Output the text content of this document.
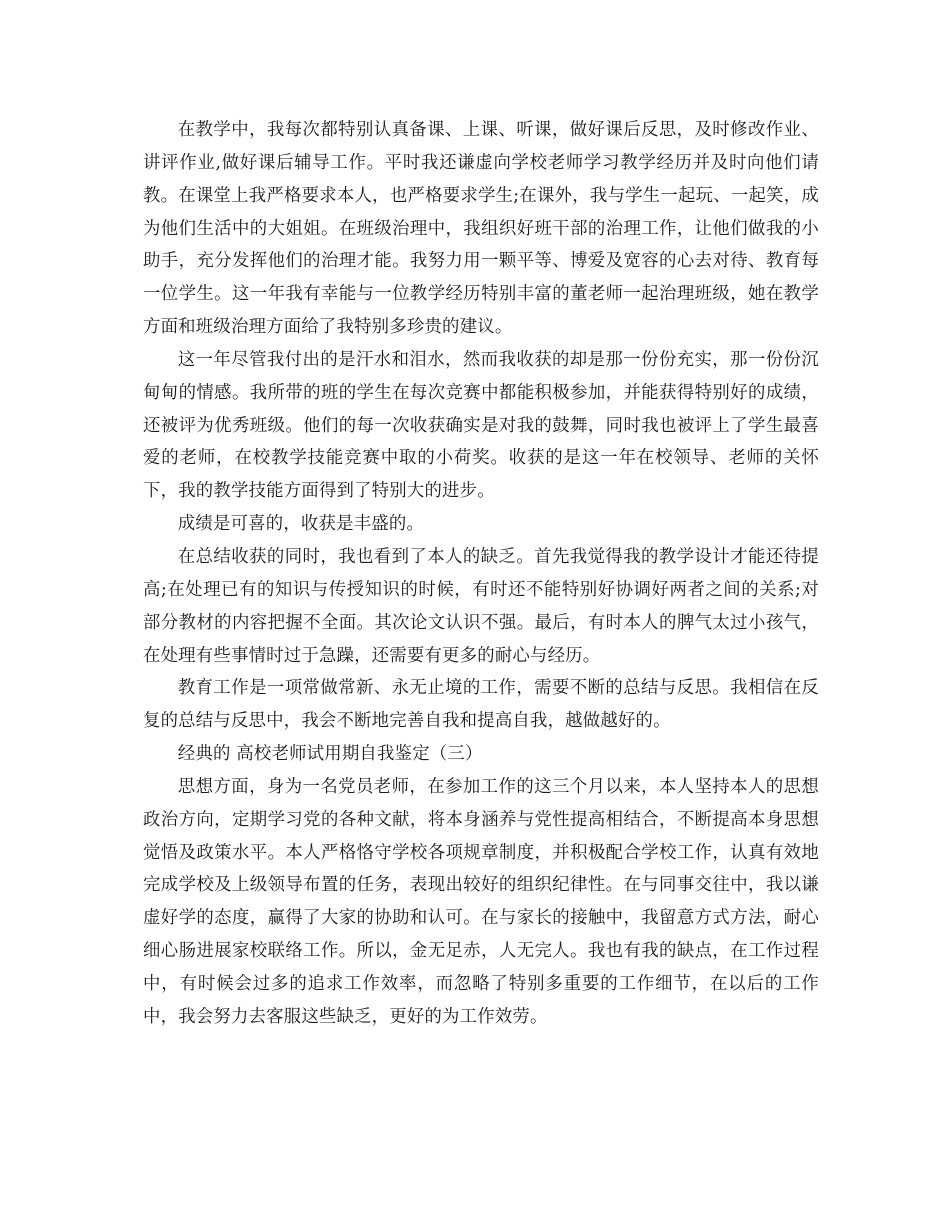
在教学中，我每次都特别认真备课、上课、听课，做好课后反思，及时修改作业、讲评作业,做好课后辅导工作。平时我还谦虚向学校老师学习教学经历并及时向他们请教。在课堂上我严格要求本人，也严格要求学生;在课外，我与学生一起玩、一起笑，成为他们生活中的大姐姐。在班级治理中，我组织好班干部的治理工作，让他们做我的小助手，充分发挥他们的治理才能。我努力用一颗平等、博爱及宽容的心去对待、教育每一位学生。这一年我有幸能与一位教学经历特别丰富的董老师一起治理班级，她在教学方面和班级治理方面给了我特别多珍贵的建议。

这一年尽管我付出的是汗水和泪水，然而我收获的却是那一份份充实，那一份份沉甸甸的情感。我所带的班的学生在每次竞赛中都能积极参加，并能获得特别好的成绩，还被评为优秀班级。他们的每一次收获确实是对我的鼓舞，同时我也被评上了学生最喜爱的老师，在校教学技能竞赛中取的小荷奖。收获的是这一年在校领导、老师的关怀下，我的教学技能方面得到了特别大的进步。

成绩是可喜的，收获是丰盛的。

在总结收获的同时，我也看到了本人的缺乏。首先我觉得我的教学设计才能还待提高;在处理已有的知识与传授知识的时候，有时还不能特别好协调好两者之间的关系;对部分教材的内容把握不全面。其次论文认识不强。最后，有时本人的脾气太过小孩气，在处理有些事情时过于急躁，还需要有更多的耐心与经历。

教育工作是一项常做常新、永无止境的工作，需要不断的总结与反思。我相信在反复的总结与反思中，我会不断地完善自我和提高自我，越做越好的。

经典的 高校老师试用期自我鉴定（三）

思想方面，身为一名党员老师，在参加工作的这三个月以来，本人坚持本人的思想政治方向，定期学习党的各种文献，将本身涵养与党性提高相结合，不断提高本身思想觉悟及政策水平。本人严格恪守学校各项规章制度，并积极配合学校工作，认真有效地完成学校及上级领导布置的任务，表现出较好的组织纪律性。在与同事交往中，我以谦虚好学的态度，赢得了大家的协助和认可。在与家长的接触中，我留意方式方法，耐心细心肠进展家校联络工作。所以，金无足赤，人无完人。我也有我的缺点，在工作过程中，有时候会过多的追求工作效率，而忽略了特别多重要的工作细节，在以后的工作中，我会努力去客服这些缺乏，更好的为工作效劳。
